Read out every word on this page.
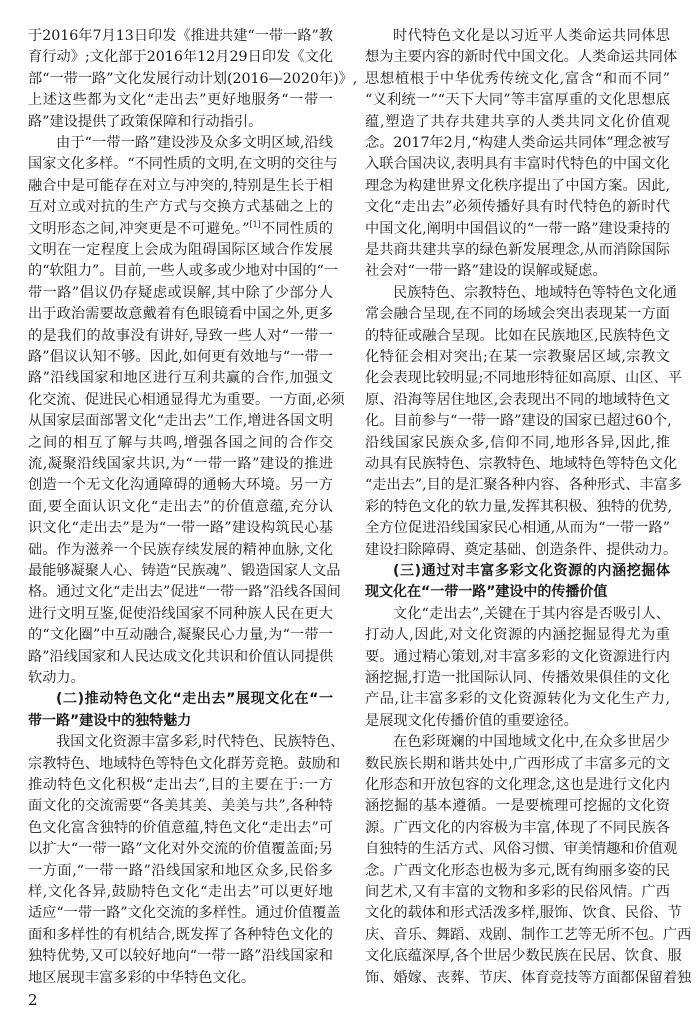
于2016年7月13日印发《推进共建“一带一路”教
育行动》;文化部于2016年12月29日印发《文化
部“一带一路”文化发展行动计划(2016—2020年)》,
上述这些都为文化“走出去”更好地服务“一带一
路”建设提供了政策保障和行动指引。
由于“一带一路”建设涉及众多文明区域,沿线
国家文化多样。“不同性质的文明,在文明的交往与
融合中是可能存在对立与冲突的,特别是生长于相
互对立或对抗的生产方式与交换方式基础之上的
文明形态之间,冲突更是不可避免。”[1]不同性质的
文明在一定程度上会成为阻碍国际区域合作发展
的“软阻力”。目前,一些人或多或少地对中国的“一
带一路”倡议仍存疑虑或误解,其中除了少部分人
出于政治需要故意戴着有色眼镜看中国之外,更多
的是我们的故事没有讲好,导致一些人对“一带一
路”倡议认知不够。因此,如何更有效地与“一带一
路”沿线国家和地区进行互利共赢的合作,加强文
化交流、促进民心相通显得尤为重要。一方面,必须
从国家层面部署文化“走出去”工作,增进各国文明
之间的相互了解与共鸣,增强各国之间的合作交
流,凝聚沿线国家共识,为“一带一路”建设的推进
创造一个无文化沟通障碍的通畅大环境。另一方
面,要全面认识文化“走出去”的价值意蕴,充分认
识文化“走出去”是为“一带一路”建设构筑民心基
础。作为滋养一个民族存续发展的精神血脉,文化
最能够凝聚人心、铸造“民族魂”、锻造国家人文品
格。通过文化“走出去”促进“一带一路”沿线各国间
进行文明互鉴,促使沿线国家不同种族人民在更大
的“文化圈”中互动融合,凝聚民心力量,为“一带一
路”沿线国家和人民达成文化共识和价值认同提供
软动力。
(二)推动特色文化“走出去”展现文化在“一
带一路”建设中的独特魅力
我国文化资源丰富多彩,时代特色、民族特色、
宗教特色、地域特色等特色文化群芳竞艳。鼓励和
推动特色文化积极“走出去”,目的主要在于:一方
面文化的交流需要“各美其美、美美与共”,各种特
色文化富含独特的价值意蕴,特色文化“走出去”可
以扩大“一带一路”文化对外交流的价值覆盖面;另
一方面,“一带一路”沿线国家和地区众多,民俗多
样,文化各异,鼓励特色文化“走出去”可以更好地
适应“一带一路”文化交流的多样性。通过价值覆盖
面和多样性的有机结合,既发挥了各种特色文化的
独特优势,又可以较好地向“一带一路”沿线国家和
地区展现丰富多彩的中华特色文化。
时代特色文化是以习近平人类命运共同体思
想为主要内容的新时代中国文化。人类命运共同体
思想植根于中华优秀传统文化,富含“和而不同”
“义利统一”“天下大同”等丰富厚重的文化思想底
蕴,塑造了共存共建共享的人类共同文化价值观
念。2017年2月,“构建人类命运共同体”理念被写
入联合国决议,表明具有丰富时代特色的中国文化
理念为构建世界文化秩序提出了中国方案。因此,
文化“走出去”必须传播好具有时代特色的新时代
中国文化,阐明中国倡议的“一带一路”建设秉持的
是共商共建共享的绿色新发展理念,从而消除国际
社会对“一带一路”建设的误解或疑虑。
民族特色、宗教特色、地域特色等特色文化通
常会融合呈现,在不同的场域会突出表现某一方面
的特征或融合呈现。比如在民族地区,民族特色文
化特征会相对突出;在某一宗教聚居区域,宗教文
化会表现比较明显;不同地形特征如高原、山区、平
原、沿海等居住地区,会表现出不同的地域特色文
化。目前参与“一带一路”建设的国家已超过60个,
沿线国家民族众多,信仰不同,地形各异,因此,推
动具有民族特色、宗教特色、地域特色等特色文化
“走出去”,目的是汇聚各种内容、各种形式、丰富多
彩的特色文化的软力量,发挥其积极、独特的优势,
全方位促进沿线国家民心相通,从而为“一带一路”
建设扫除障碍、奠定基础、创造条件、提供动力。
(三)通过对丰富多彩文化资源的内涵挖掘体
现文化在“一带一路”建设中的传播价值
文化“走出去”,关键在于其内容是否吸引人、
打动人,因此,对文化资源的内涵挖掘显得尤为重
要。通过精心策划,对丰富多彩的文化资源进行内
涵挖掘,打造一批国际认同、传播效果俱佳的文化
产品,让丰富多彩的文化资源转化为文化生产力,
是展现文化传播价值的重要途径。
在色彩斑斓的中国地域文化中,在众多世居少
数民族长期和谐共处中,广西形成了丰富多元的文
化形态和开放包容的文化理念,这也是进行文化内
涵挖掘的基本遵循。一是要梳理可挖掘的文化资
源。广西文化的内容极为丰富,体现了不同民族各
自独特的生活方式、风俗习惯、审美情趣和价值观
念。广西文化形态也极为多元,既有绚丽多姿的民
间艺术,又有丰富的文物和多彩的民俗风情。广西
文化的载体和形式活泼多样,服饰、饮食、民俗、节
庆、音乐、舞蹈、戏剧、制作工艺等无所不包。广西
文化底蕴深厚,各个世居少数民族在民居、饮食、服
饰、婚嫁、丧葬、节庆、体育竞技等方面都保留着独
2
